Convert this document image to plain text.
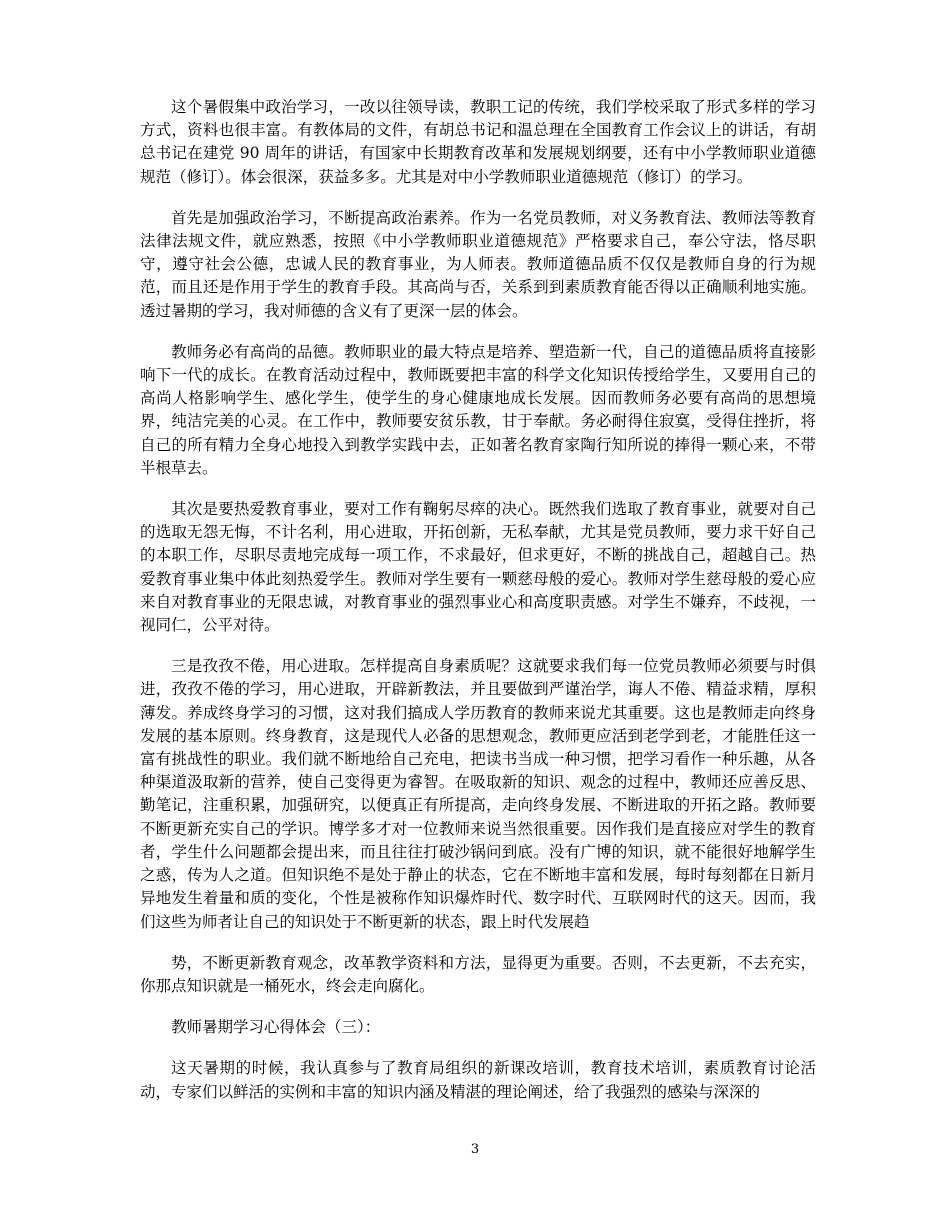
这个暑假集中政治学习，一改以往领导读，教职工记的传统，我们学校采取了形式多样的学习方式，资料也很丰富。有教体局的文件，有胡总书记和温总理在全国教育工作会议上的讲话，有胡总书记在建党 90 周年的讲话，有国家中长期教育改革和发展规划纲要，还有中小学教师职业道德规范（修订）。体会很深，获益多多。尤其是对中小学教师职业道德规范（修订）的学习。

首先是加强政治学习，不断提高政治素养。作为一名党员教师，对义务教育法、教师法等教育法律法规文件，就应熟悉，按照《中小学教师职业道德规范》严格要求自己，奉公守法，恪尽职守，遵守社会公德，忠诚人民的教育事业，为人师表。教师道德品质不仅仅是教师自身的行为规范，而且还是作用于学生的教育手段。其高尚与否，关系到到素质教育能否得以正确顺利地实施。透过暑期的学习，我对师德的含义有了更深一层的体会。

教师务必有高尚的品德。教师职业的最大特点是培养、塑造新一代，自己的道德品质将直接影响下一代的成长。在教育活动过程中，教师既要把丰富的科学文化知识传授给学生，又要用自己的高尚人格影响学生、感化学生，使学生的身心健康地成长发展。因而教师务必要有高尚的思想境界，纯洁完美的心灵。在工作中，教师要安贫乐教，甘于奉献。务必耐得住寂寞，受得住挫折，将自己的所有精力全身心地投入到教学实践中去，正如著名教育家陶行知所说的捧得一颗心来，不带半根草去。

其次是要热爱教育事业，要对工作有鞠躬尽瘁的决心。既然我们选取了教育事业，就要对自己的选取无怨无悔，不计名利，用心进取，开拓创新，无私奉献，尤其是党员教师，要力求干好自己的本职工作，尽职尽责地完成每一项工作，不求最好，但求更好，不断的挑战自己，超越自己。热爱教育事业集中体此刻热爱学生。教师对学生要有一颗慈母般的爱心。教师对学生慈母般的爱心应来自对教育事业的无限忠诚，对教育事业的强烈事业心和高度职责感。对学生不嫌弃，不歧视，一视同仁，公平对待。

三是孜孜不倦，用心进取。怎样提高自身素质呢？这就要求我们每一位党员教师必须要与时俱进，孜孜不倦的学习，用心进取，开辟新教法，并且要做到严谨治学，诲人不倦、精益求精，厚积薄发。养成终身学习的习惯，这对我们搞成人学历教育的教师来说尤其重要。这也是教师走向终身发展的基本原则。终身教育，这是现代人必备的思想观念，教师更应活到老学到老，才能胜任这一富有挑战性的职业。我们就不断地给自己充电，把读书当成一种习惯，把学习看作一种乐趣，从各种渠道汲取新的营养，使自己变得更为睿智。在吸取新的知识、观念的过程中，教师还应善反思、勤笔记，注重积累，加强研究，以便真正有所提高，走向终身发展、不断进取的开拓之路。教师要不断更新充实自己的学识。博学多才对一位教师来说当然很重要。因作我们是直接应对学生的教育者，学生什么问题都会提出来，而且往往打破沙锅问到底。没有广博的知识，就不能很好地解学生之惑，传为人之道。但知识绝不是处于静止的状态，它在不断地丰富和发展，每时每刻都在日新月异地发生着量和质的变化，个性是被称作知识爆炸时代、数字时代、互联网时代的这天。因而，我们这些为师者让自己的知识处于不断更新的状态，跟上时代发展趋

势，不断更新教育观念，改革教学资料和方法，显得更为重要。否则，不去更新，不去充实，你那点知识就是一桶死水，终会走向腐化。

教师暑期学习心得体会（三）：

这天暑期的时候，我认真参与了教育局组织的新课改培训，教育技术培训，素质教育讨论活动，专家们以鲜活的实例和丰富的知识内涵及精湛的理论阐述，给了我强烈的感染与深深的

3
